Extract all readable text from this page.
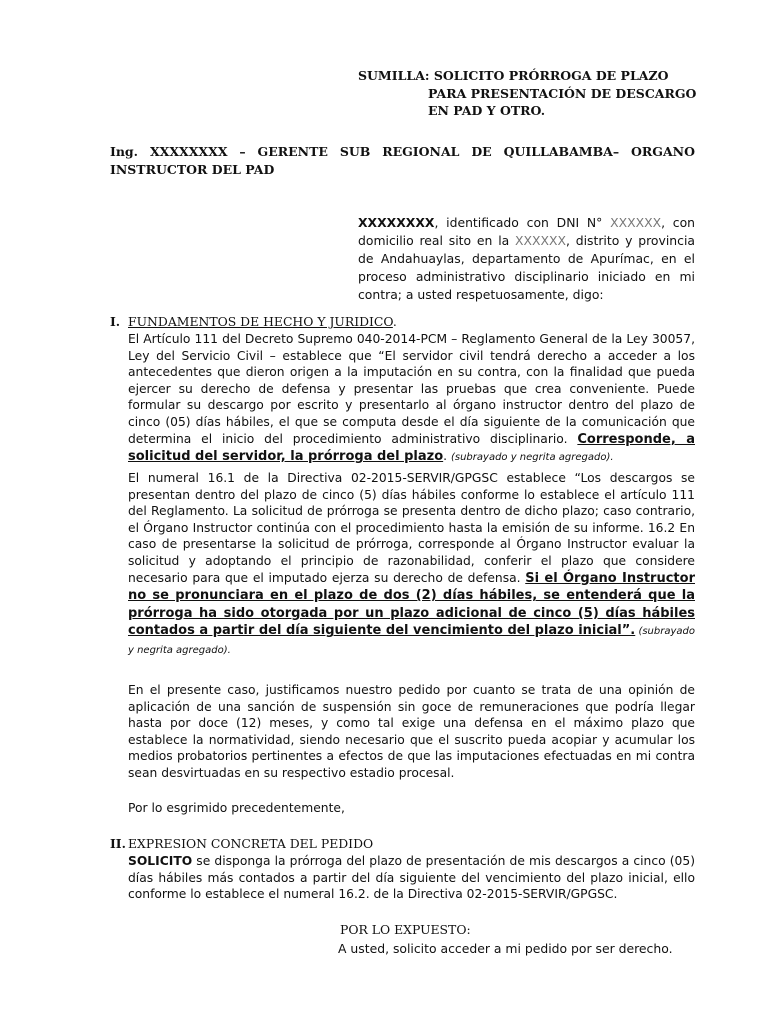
SUMILLA: SOLICITO PRÓRROGA DE PLAZO
PARA PRESENTACIÓN DE DESCARGO
EN PAD Y OTRO.
Ing. XXXXXXXX – GERENTE SUB REGIONAL DE QUILLABAMBA– ORGANO INSTRUCTOR DEL PAD
XXXXXXXX, identificado con DNI N° XXXXXX, con domicilio real sito en la XXXXXX, distrito y provincia de Andahuaylas, departamento de Apurímac, en el proceso administrativo disciplinario iniciado en mi contra; a usted respetuosamente, digo:
I. FUNDAMENTOS DE HECHO Y JURIDICO.
El Artículo 111 del Decreto Supremo 040-2014-PCM – Reglamento General de la Ley 30057, Ley del Servicio Civil – establece que “El servidor civil tendrá derecho a acceder a los antecedentes que dieron origen a la imputación en su contra, con la finalidad que pueda ejercer su derecho de defensa y presentar las pruebas que crea conveniente. Puede formular su descargo por escrito y presentarlo al órgano instructor dentro del plazo de cinco (05) días hábiles, el que se computa desde el día siguiente de la comunicación que determina el inicio del procedimiento administrativo disciplinario. Corresponde, a solicitud del servidor, la prórroga del plazo. (subrayado y negrita agregado).
El numeral 16.1 de la Directiva 02-2015-SERVIR/GPGSC establece “Los descargos se presentan dentro del plazo de cinco (5) días hábiles conforme lo establece el artículo 111 del Reglamento. La solicitud de prórroga se presenta dentro de dicho plazo; caso contrario, el Órgano Instructor continúa con el procedimiento hasta la emisión de su informe. 16.2 En caso de presentarse la solicitud de prórroga, corresponde al Órgano Instructor evaluar la solicitud y adoptando el principio de razonabilidad, conferir el plazo que considere necesario para que el imputado ejerza su derecho de defensa. Si el Órgano Instructor no se pronunciara en el plazo de dos (2) días hábiles, se entenderá que la prórroga ha sido otorgada por un plazo adicional de cinco (5) días hábiles contados a partir del día siguiente del vencimiento del plazo inicial”. (subrayado y negrita agregado).
En el presente caso, justificamos nuestro pedido por cuanto se trata de una opinión de aplicación de una sanción de suspensión sin goce de remuneraciones que podría llegar hasta por doce (12) meses, y como tal exige una defensa en el máximo plazo que establece la normatividad, siendo necesario que el suscrito pueda acopiar y acumular los medios probatorios pertinentes a efectos de que las imputaciones efectuadas en mi contra sean desvirtuadas en su respectivo estadio procesal.
Por lo esgrimido precedentemente,
II. EXPRESION CONCRETA DEL PEDIDO
SOLICITO se disponga la prórroga del plazo de presentación de mis descargos a cinco (05) días hábiles más contados a partir del día siguiente del vencimiento del plazo inicial, ello conforme lo establece el numeral 16.2. de la Directiva 02-2015-SERVIR/GPGSC.
POR LO EXPUESTO:
A usted, solicito acceder a mi pedido por ser derecho.
